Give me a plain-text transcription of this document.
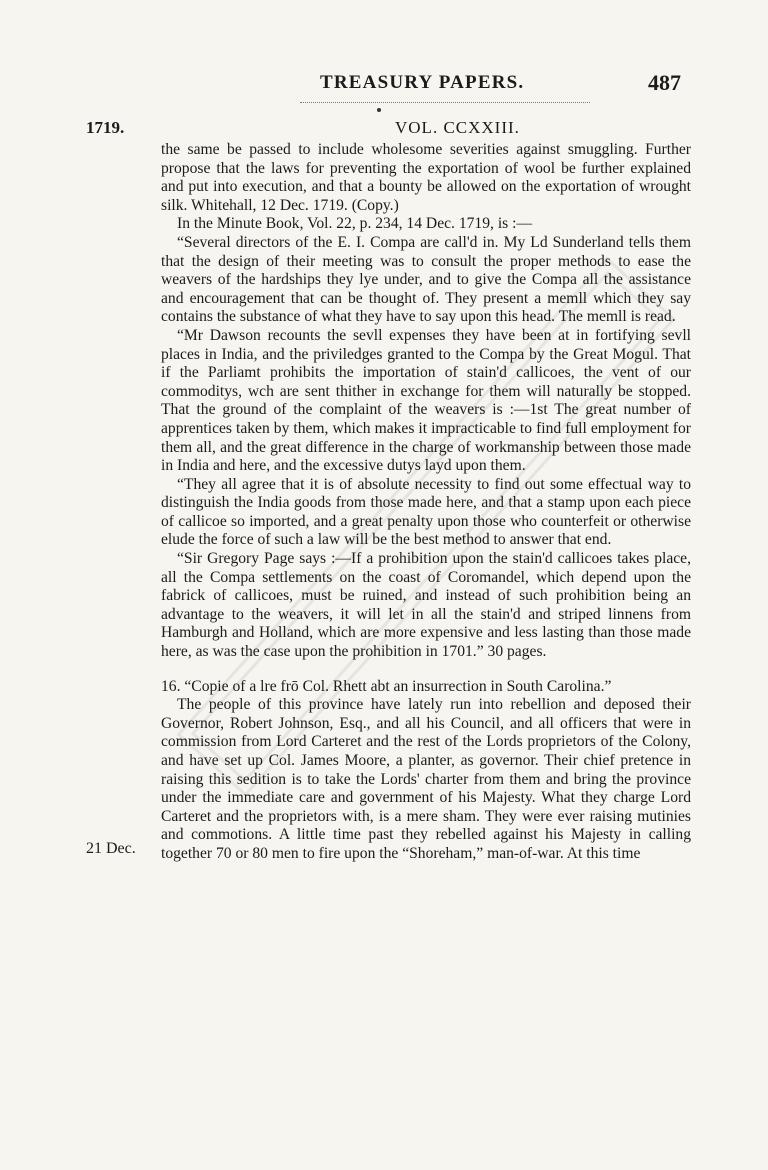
TREASURY PAPERS.	487
1719.	VOL. CCXXIII.

the same be passed to include wholesome severities against smuggling. Further propose that the laws for preventing the exportation of wool be further explained and put into execution, and that a bounty be allowed on the exportation of wrought silk. Whitehall, 12 Dec. 1719. (Copy.)

In the Minute Book, Vol. 22, p. 234, 14 Dec. 1719, is :—

“Several directors of the E. I. Compa are call'd in. My Ld Sunderland tells them that the design of their meeting was to consult the proper methods to ease the weavers of the hardships they lye under, and to give the Compa all the assistance and encouragement that can be thought of. They present a memll which they say contains the substance of what they have to say upon this head. The memll is read.

“Mr Dawson recounts the sevll expenses they have been at in fortifying sevll places in India, and the priviledges granted to the Compa by the Great Mogul. That if the Parliamt prohibits the importation of stain'd callicoes, the vent of our commoditys, wch are sent thither in exchange for them will naturally be stopped. That the ground of the complaint of the weavers is :—1st The great number of apprentices taken by them, which makes it impracticable to find full employment for them all, and the great difference in the charge of workmanship between those made in India and here, and the excessive dutys layd upon them.

“They all agree that it is of absolute necessity to find out some effectual way to distinguish the India goods from those made here, and that a stamp upon each piece of callicoe so imported, and a great penalty upon those who counterfeit or otherwise elude the force of such a law will be the best method to answer that end.

“Sir Gregory Page says :—If a prohibition upon the stain'd callicoes takes place, all the Compa settlements on the coast of Coromandel, which depend upon the fabrick of callicoes, must be ruined, and instead of such prohibition being an advantage to the weavers, it will let in all the stain'd and striped linnens from Hamburgh and Holland, which are more expensive and less lasting than those made here, as was the case upon the prohibition in 1701.” 30 pages.

16. “Copie of a lre frō Col. Rhett abt an insurrection in South Carolina.”

The people of this province have lately run into rebellion and deposed their Governor, Robert Johnson, Esq., and all his Council, and all officers that were in commission from Lord Carteret and the rest of the Lords proprietors of the Colony, and have set up Col. James Moore, a planter, as governor. Their chief pretence in raising this sedition is to take the Lords' charter from them and bring the province under the immediate care and government of his Majesty. What they charge Lord Carteret and the proprietors with, is a mere sham. They were ever raising mutinies and commotions. A little time past they rebelled against his Majesty in calling together 70 or 80 men to fire upon the “Shoreham,” man-of-war. At this time

21 Dec.
